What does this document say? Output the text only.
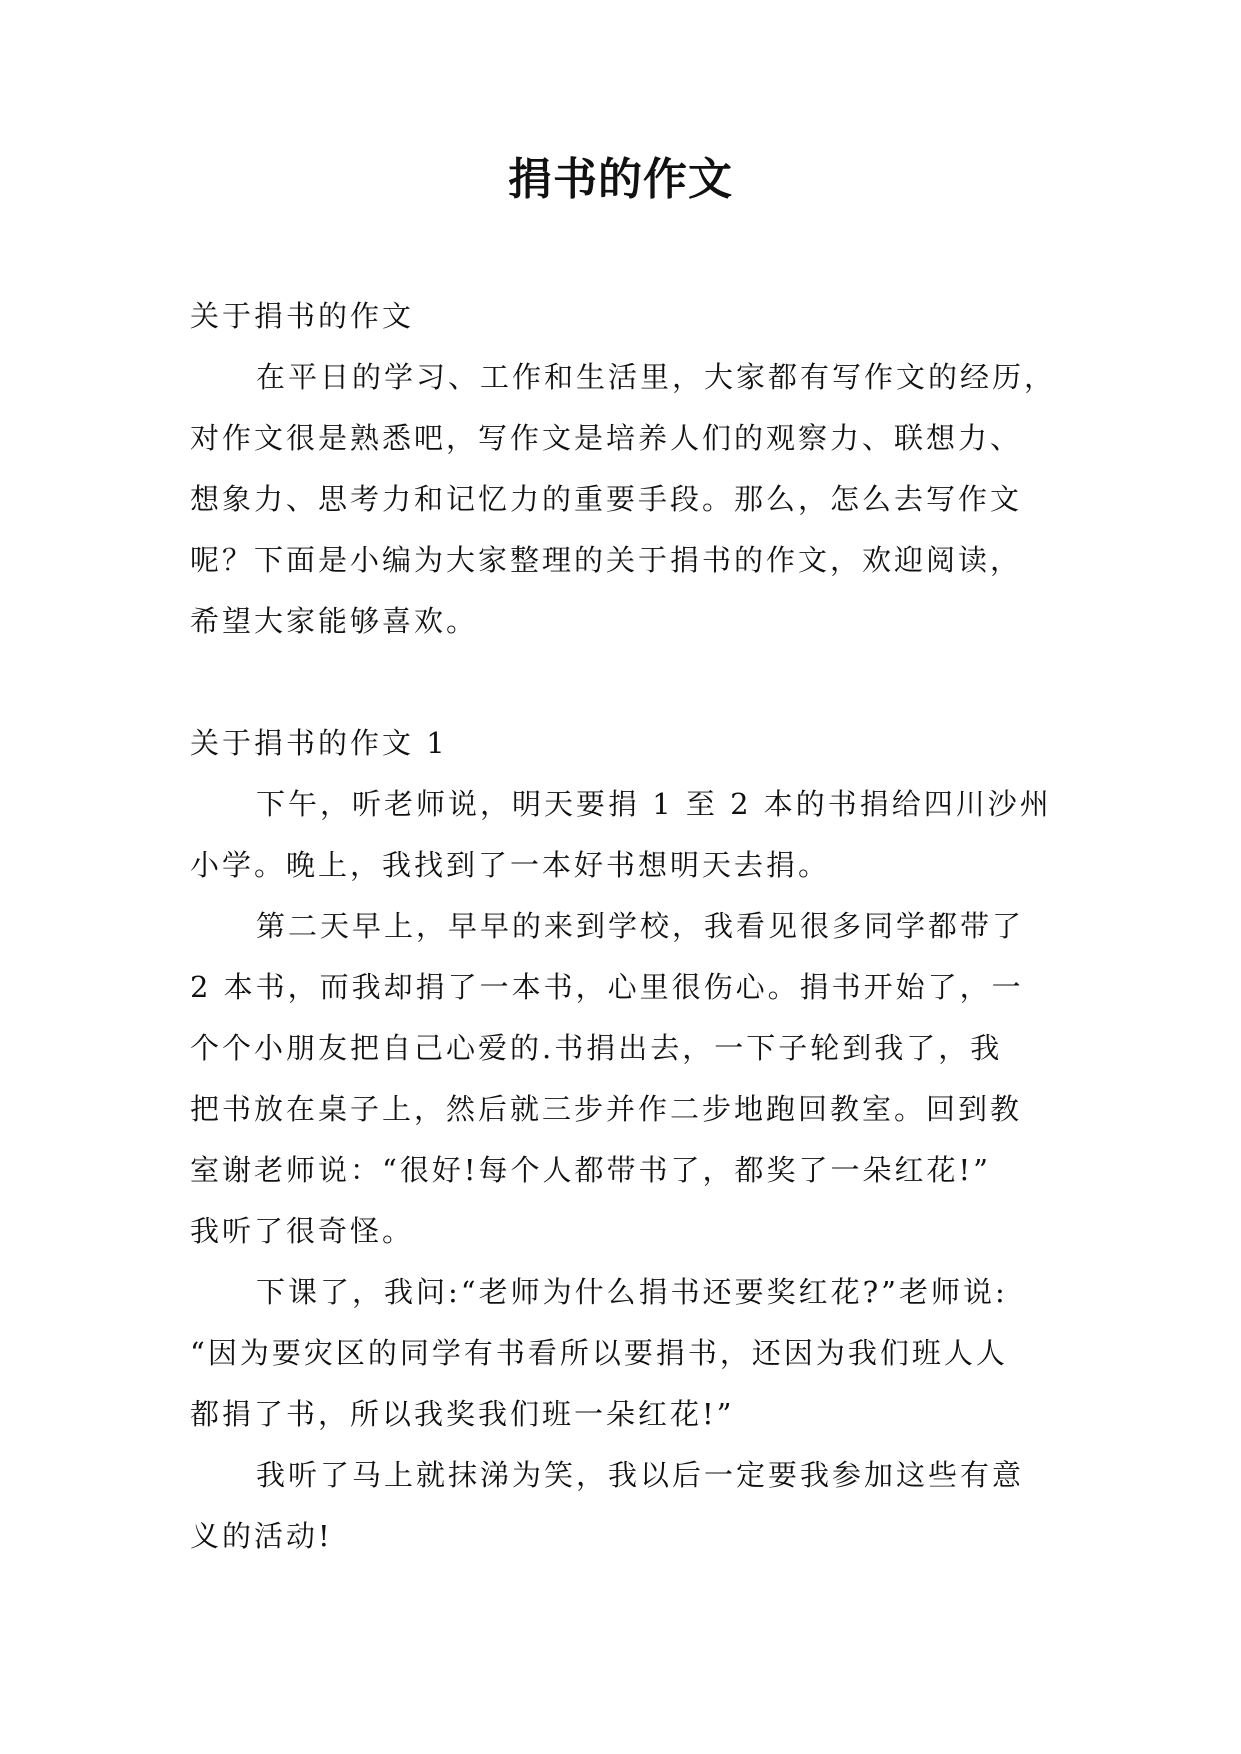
捐书的作文
关于捐书的作文
在平日的学习、工作和生活里，大家都有写作文的经历，
对作文很是熟悉吧，写作文是培养人们的观察力、联想力、
想象力、思考力和记忆力的重要手段。那么，怎么去写作文
呢？下面是小编为大家整理的关于捐书的作文，欢迎阅读，
希望大家能够喜欢。
关于捐书的作文 1
下午，听老师说，明天要捐 1 至 2 本的书捐给四川沙州
小学。晚上，我找到了一本好书想明天去捐。
第二天早上，早早的来到学校，我看见很多同学都带了
2 本书，而我却捐了一本书，心里很伤心。捐书开始了，一
个个小朋友把自己心爱的.书捐出去，一下子轮到我了，我
把书放在桌子上，然后就三步并作二步地跑回教室。回到教
室谢老师说：“很好!每个人都带书了，都奖了一朵红花!”
我听了很奇怪。
下课了，我问:“老师为什么捐书还要奖红花?”老师说:
“因为要灾区的同学有书看所以要捐书，还因为我们班人人
都捐了书，所以我奖我们班一朵红花!”
我听了马上就抹涕为笑，我以后一定要我参加这些有意
义的活动!
